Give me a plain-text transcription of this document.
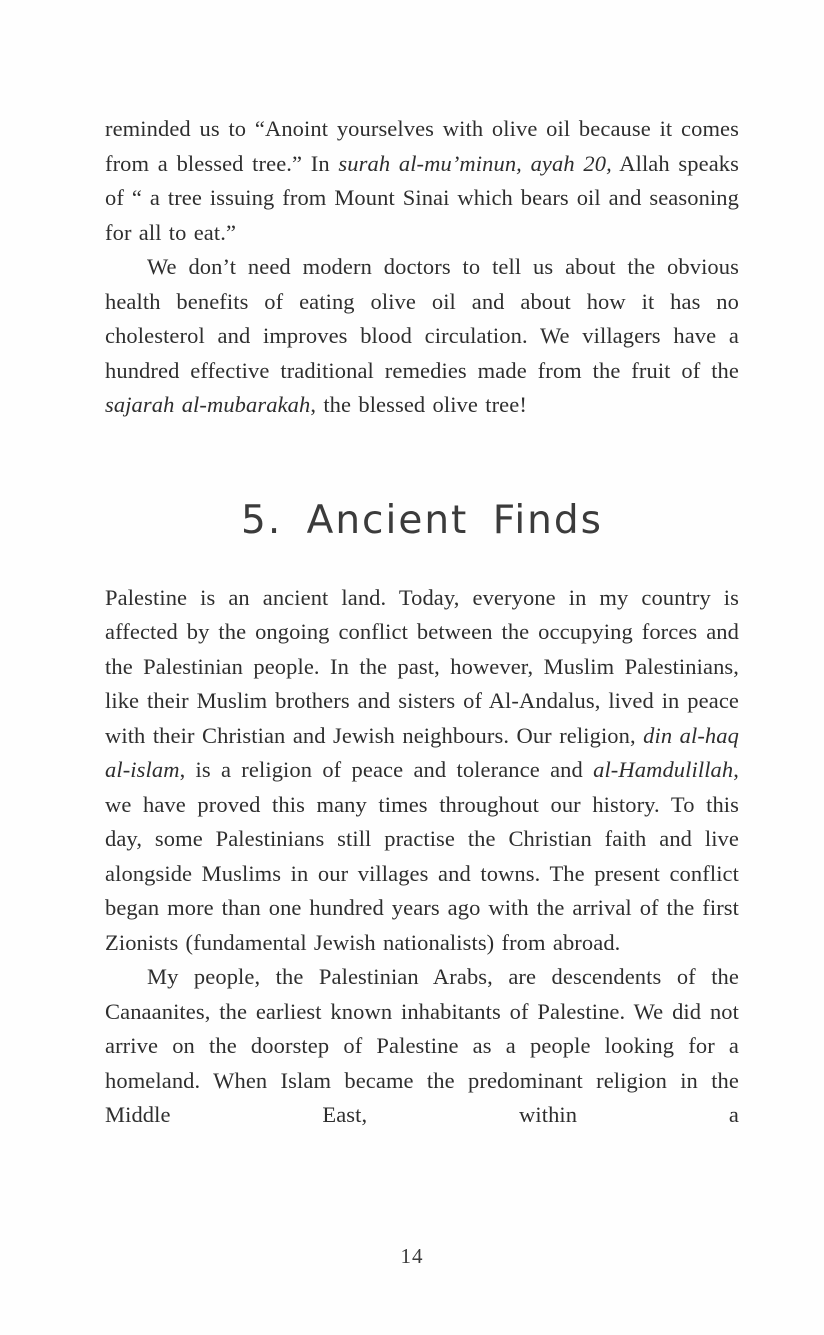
reminded us to “Anoint yourselves with olive oil because it comes from a blessed tree.” In surah al-mu’minun, ayah 20, Allah speaks of “ a tree issuing from Mount Sinai which bears oil and seasoning for all to eat.”

We don’t need modern doctors to tell us about the obvious health benefits of eating olive oil and about how it has no cholesterol and improves blood circulation. We villagers have a hundred effective traditional remedies made from the fruit of the sajarah al-mubarakah, the blessed olive tree!

5. Ancient Finds

Palestine is an ancient land. Today, everyone in my country is affected by the ongoing conflict between the occupying forces and the Palestinian people. In the past, however, Muslim Palestinians, like their Muslim brothers and sisters of Al-Andalus, lived in peace with their Christian and Jewish neighbours. Our religion, din al-haq al-islam, is a religion of peace and tolerance and al-Hamdulillah, we have proved this many times throughout our history. To this day, some Palestinians still practise the Christian faith and live alongside Muslims in our villages and towns. The present conflict began more than one hundred years ago with the arrival of the first Zionists (fundamental Jewish nationalists) from abroad.

My people, the Palestinian Arabs, are descendents of the Canaanites, the earliest known inhabitants of Palestine. We did not arrive on the doorstep of Palestine as a people looking for a homeland. When Islam became the predominant religion in the Middle East, within a

14
